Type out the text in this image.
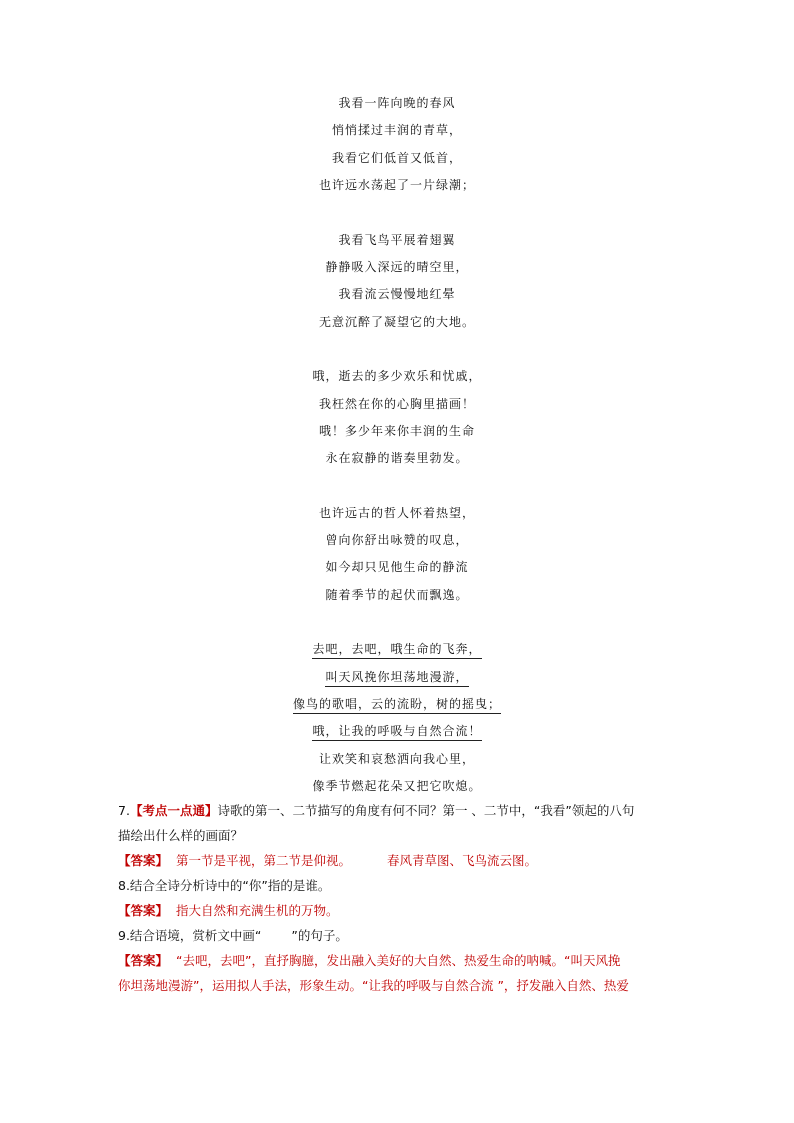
我看一阵向晚的春风
悄悄揉过丰润的青草，
我看它们低首又低首，
也许远水荡起了一片绿潮；
我看飞鸟平展着翅翼
静静吸入深远的晴空里，
我看流云慢慢地红晕
无意沉醉了凝望它的大地。
哦，逝去的多少欢乐和忧戚，
我枉然在你的心胸里描画！
哦！多少年来你丰润的生命
永在寂静的谐奏里勃发。
也许远古的哲人怀着热望，
曾向你舒出咏赞的叹息，
如今却只见他生命的静流
随着季节的起伏而飘逸。
去吧，去吧，哦生命的飞奔，
叫天风挽你坦荡地漫游，
像鸟的歌唱，云的流盼，树的摇曳；
哦，让我的呼吸与自然合流！
让欢笑和哀愁洒向我心里，
像季节燃起花朵又把它吹熄。
7.【考点一点通】诗歌的第一、二节描写的角度有何不同？第一 、二节中，“我看”领起的八句
描绘出什么样的画面？
【答案】 第一节是平视，第二节是仰视。	春风青草图、飞鸟流云图。
8.结合全诗分析诗中的“你”指的是谁。
【答案】 指大自然和充满生机的万物。
9.结合语境，赏析文中画“ ”的句子。
【答案】 “去吧，去吧”，直抒胸臆，发出融入美好的大自然、热爱生命的呐喊。“叫天风挽
你坦荡地漫游”，运用拟人手法，形象生动。“让我的呼吸与自然合流 ”，抒发融入自然、热爱
